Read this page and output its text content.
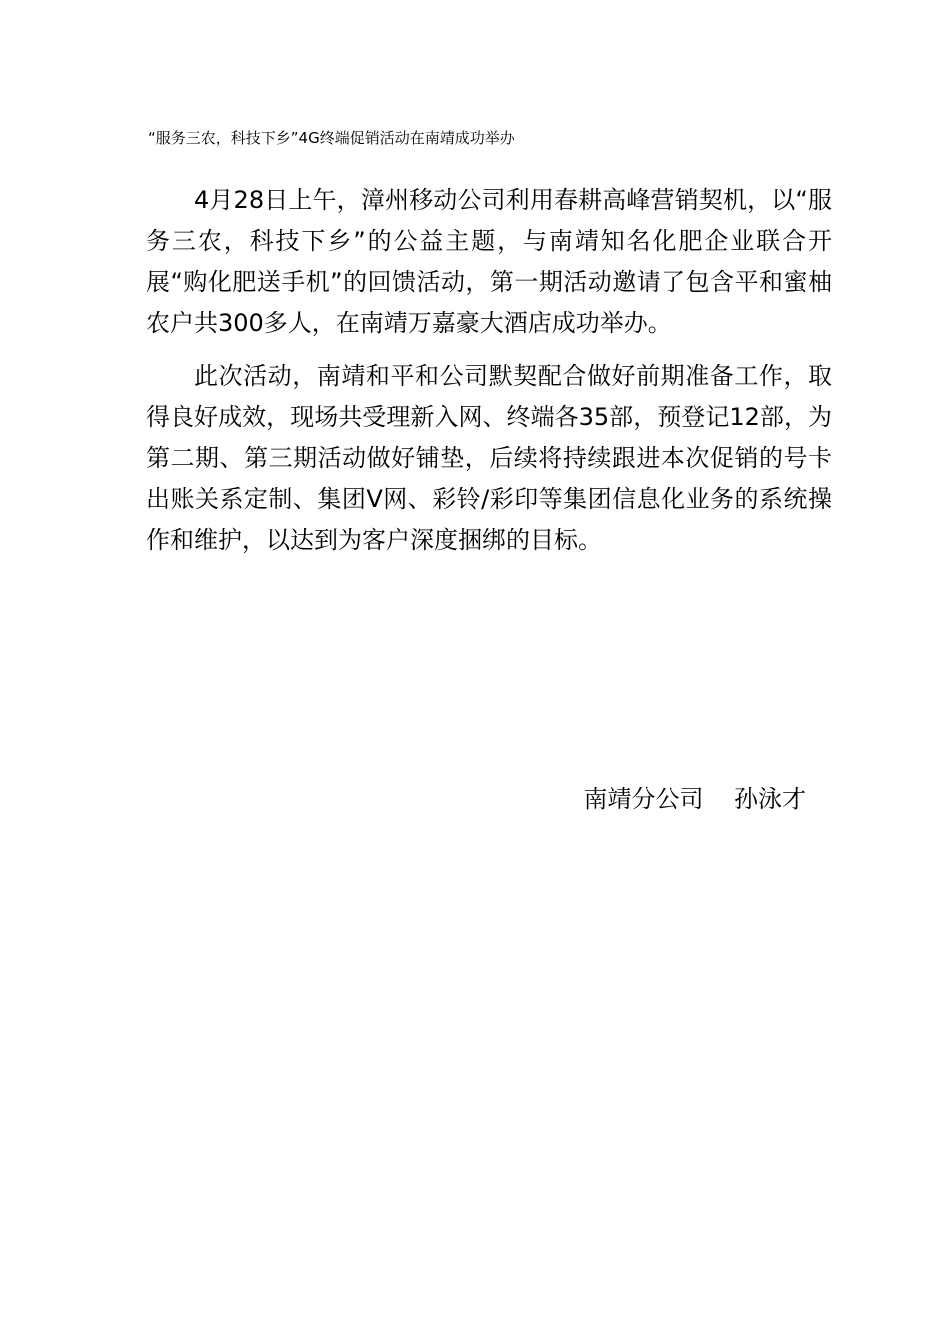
“服务三农，科技下乡”4G终端促销活动在南靖成功举办

4月28日上午，漳州移动公司利用春耕高峰营销契机，以“服务三农，科技下乡”的公益主题，与南靖知名化肥企业联合开展“购化肥送手机”的回馈活动，第一期活动邀请了包含平和蜜柚农户共300多人，在南靖万嘉豪大酒店成功举办。

此次活动，南靖和平和公司默契配合做好前期准备工作，取得良好成效，现场共受理新入网、终端各35部，预登记12部，为第二期、第三期活动做好铺垫，后续将持续跟进本次促销的号卡出账关系定制、集团V网、彩铃/彩印等集团信息化业务的系统操作和维护，以达到为客户深度捆绑的目标。

南靖分公司    孙泳才
